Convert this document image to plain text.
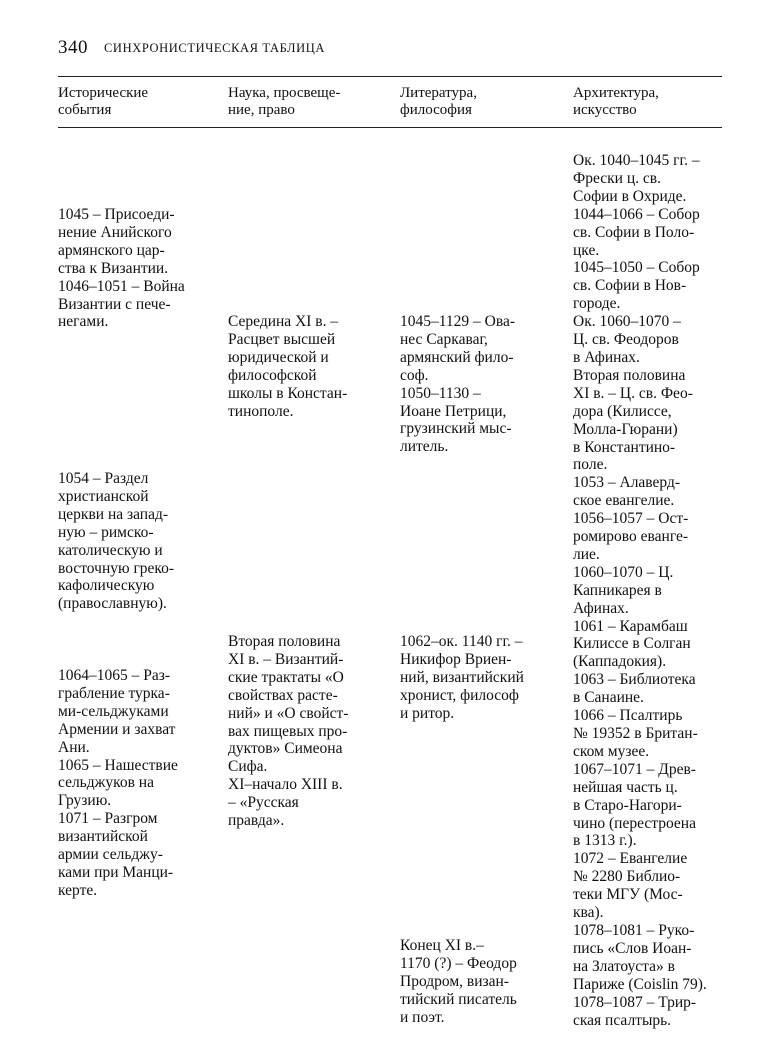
340 СИНХРОНИСТИЧЕСКАЯ ТАБЛИЦА
Исторические
события
Наука, просвеще-
ние, право
Литература,
философия
Архитектура,
искусство
1045 – Присоеди-
нение Анийского
армянского цар-
ства к Византии.
1046–1051 – Война
Византии с пече-
негами.
1054 – Раздел
христианской
церкви на запад-
ную – римско-
католическую и
восточную греко-
кафолическую
(православную).
1064–1065 – Раз-
грабление турка-
ми-сельджуками
Армении и захват
Ани.
1065 – Нашествие
сельджуков на
Грузию.
1071 – Разгром
византийской
армии сельджу-
ками при Манци-
керте.
Середина XI в. –
Расцвет высшей
юридической и
философской
школы в Констан-
тинополе.
Вторая половина
XI в. – Византий-
ские трактаты «О
свойствах расте-
ний» и «О свойст-
вах пищевых про-
дуктов» Симеона
Сифа.
XI–начало XIII в.
– «Русская
правда».
1045–1129 – Ова-
нес Саркаваг,
армянский фило-
соф.
1050–1130 –
Иоане Петрици,
грузинский мыс-
литель.
1062–ок. 1140 гг. –
Никифор Вриен-
ний, византийский
хронист, философ
и ритор.
Конец XI в.–
1170 (?) – Феодор
Продром, визан-
тийский писатель
и поэт.
Ок. 1040–1045 гг. –
Фрески ц. св.
Софии в Охриде.
1044–1066 – Собор
св. Софии в Поло-
цке.
1045–1050 – Собор
св. Софии в Нов-
городе.
Ок. 1060–1070 –
Ц. св. Феодоров
в Афинах.
Вторая половина
XI в. – Ц. св. Фео-
дора (Килиссе,
Молла-Гюрани)
в Константино-
поле.
1053 – Алаверд-
ское евангелие.
1056–1057 – Ост-
ромирово еванге-
лие.
1060–1070 – Ц.
Капникарея в
Афинах.
1061 – Карамбаш
Килиссе в Солган
(Каппадокия).
1063 – Библиотека
в Санаине.
1066 – Псалтирь
№ 19352 в Британ-
ском музее.
1067–1071 – Древ-
нейшая часть ц.
в Старо-Нагори-
чино (перестроена
в 1313 г.).
1072 – Евангелие
№ 2280 Библио-
теки МГУ (Мос-
ква).
1078–1081 – Руко-
пись «Слов Иоан-
на Златоуста» в
Париже (Coislin 79).
1078–1087 – Трир-
ская псалтырь.
